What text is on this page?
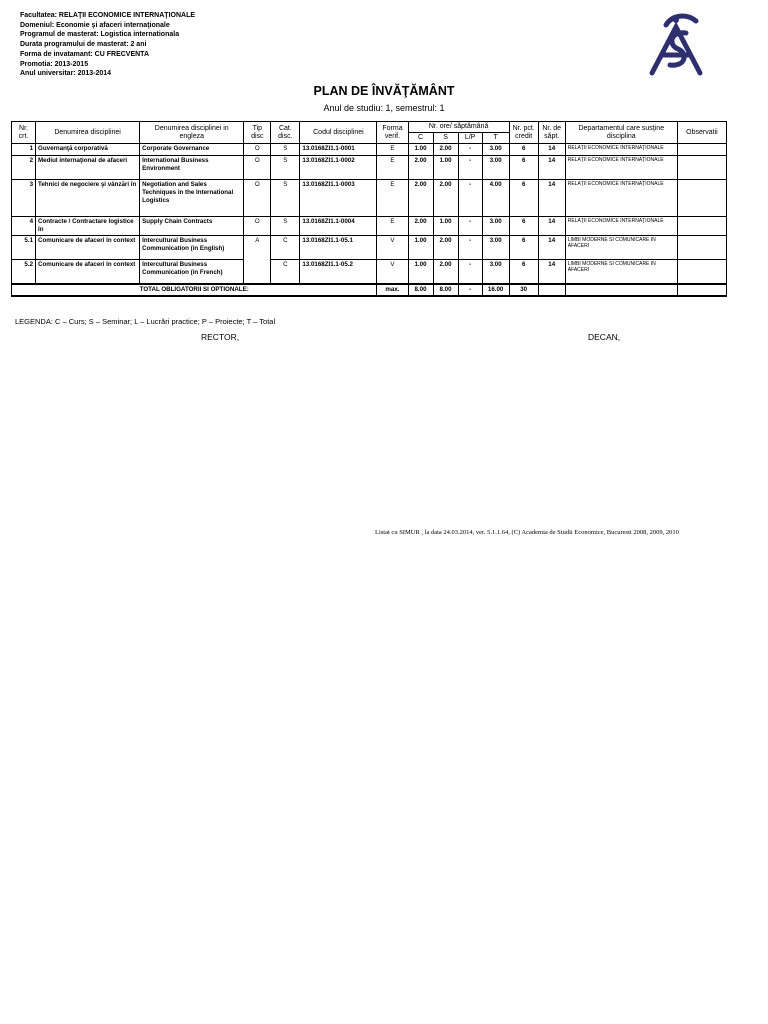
Facultatea: RELAŢII ECONOMICE INTERNAŢIONALE
Domeniul: Economie şi afaceri internaţionale
Programul de masterat: Logistica internationala
Durata programului de masterat: 2 ani
Forma de invatamant: CU FRECVENTA
Promotia: 2013-2015
Anul universitar: 2013-2014
PLAN DE ÎNVĂŢĂMÂNT
Anul de studiu: 1, semestrul: 1
Nr. crt.	Denumirea disciplinei	Denumirea disciplinei in engleza	Tip disc	Cat. disc.	Codul disciplinei	Forma verif.	Nr. ore/ săptămână				Nr. pct. credit	Nr. de săpt.	Departamentul care susţine disciplina	Observatii
							C	S	L/P	T				
1	Guvernanţă corporativă	Corporate Governance	O	S	13.0168ZI1.1-0001	E	1.00	2.00	-	3.00	6	14	RELAŢII ECONOMICE INTERNAŢIONALE	
2	Mediul internaţional de afaceri	International Business Environment	O	S	13.0168ZI1.1-0002	E	2.00	1.00	-	3.00	6	14	RELAŢII ECONOMICE INTERNAŢIONALE	
3	Tehnici de negociere şi vânzări în	Negotiation and Sales Techniques in the International Logistics	O	S	13.0168ZI1.1-0003	E	2.00	2.00	-	4.00	6	14	RELAŢII ECONOMICE INTERNAŢIONALE	
4	Contracte / Contractare logistice în	Supply Chain Contracts	O	S	13.0168ZI1.1-0004	E	2.00	1.00	-	3.00	6	14	RELAŢII ECONOMICE INTERNAŢIONALE	
5.1	Comunicare de afaceri în context	Intercultural Business Communication (in English)	A	C	13.0168ZI1.1-05.1	V	1.00	2.00	-	3.00	6	14	LIMBI MODERNE SI COMUNICARE IN AFACERI	
5.2	Comunicare de afaceri în context	Intercultural Business Communication (in French)		C	13.0168ZI1.1-05.2	V	1.00	2.00	-	3.00	6	14	LIMBI MODERNE SI COMUNICARE IN AFACERI	
TOTAL OBLIGATORII SI OPTIONALE:						max.	8.00	8.00	-	16.00	30			
LEGENDA: C – Curs; S – Seminar; L – Lucrări practice; P – Proiecte; T – Total
RECTOR,	DECAN,
Listat cu SIMUR , la data 24.03.2014, ver. 5.1.1.64, (C) Academia de Studii Economice, Bucuresti 2008, 2009, 2010
